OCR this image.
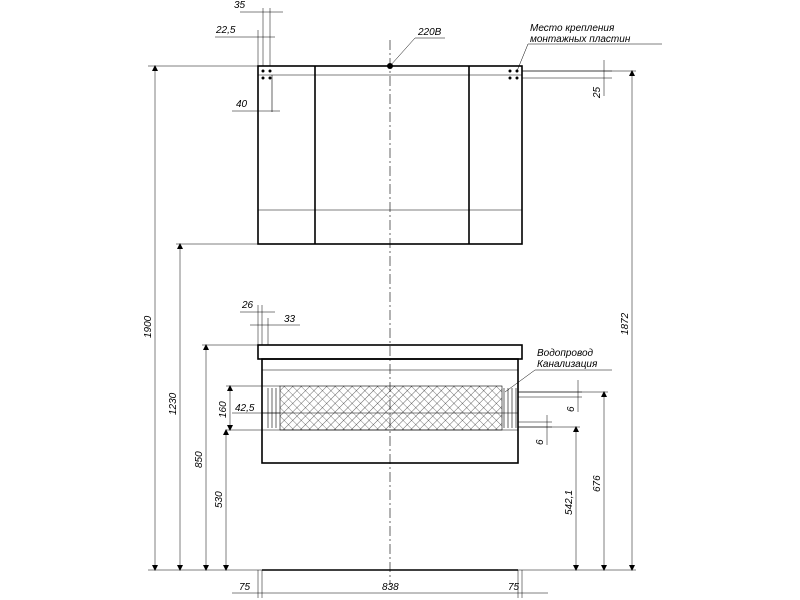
220В	Место крепления
монтажных пластин
Водопровод
Канализация
35
22,5
40
25
26
33
160 42,5	6
6
1900
1230
850
530
1872
676
542,1
75	838	75
